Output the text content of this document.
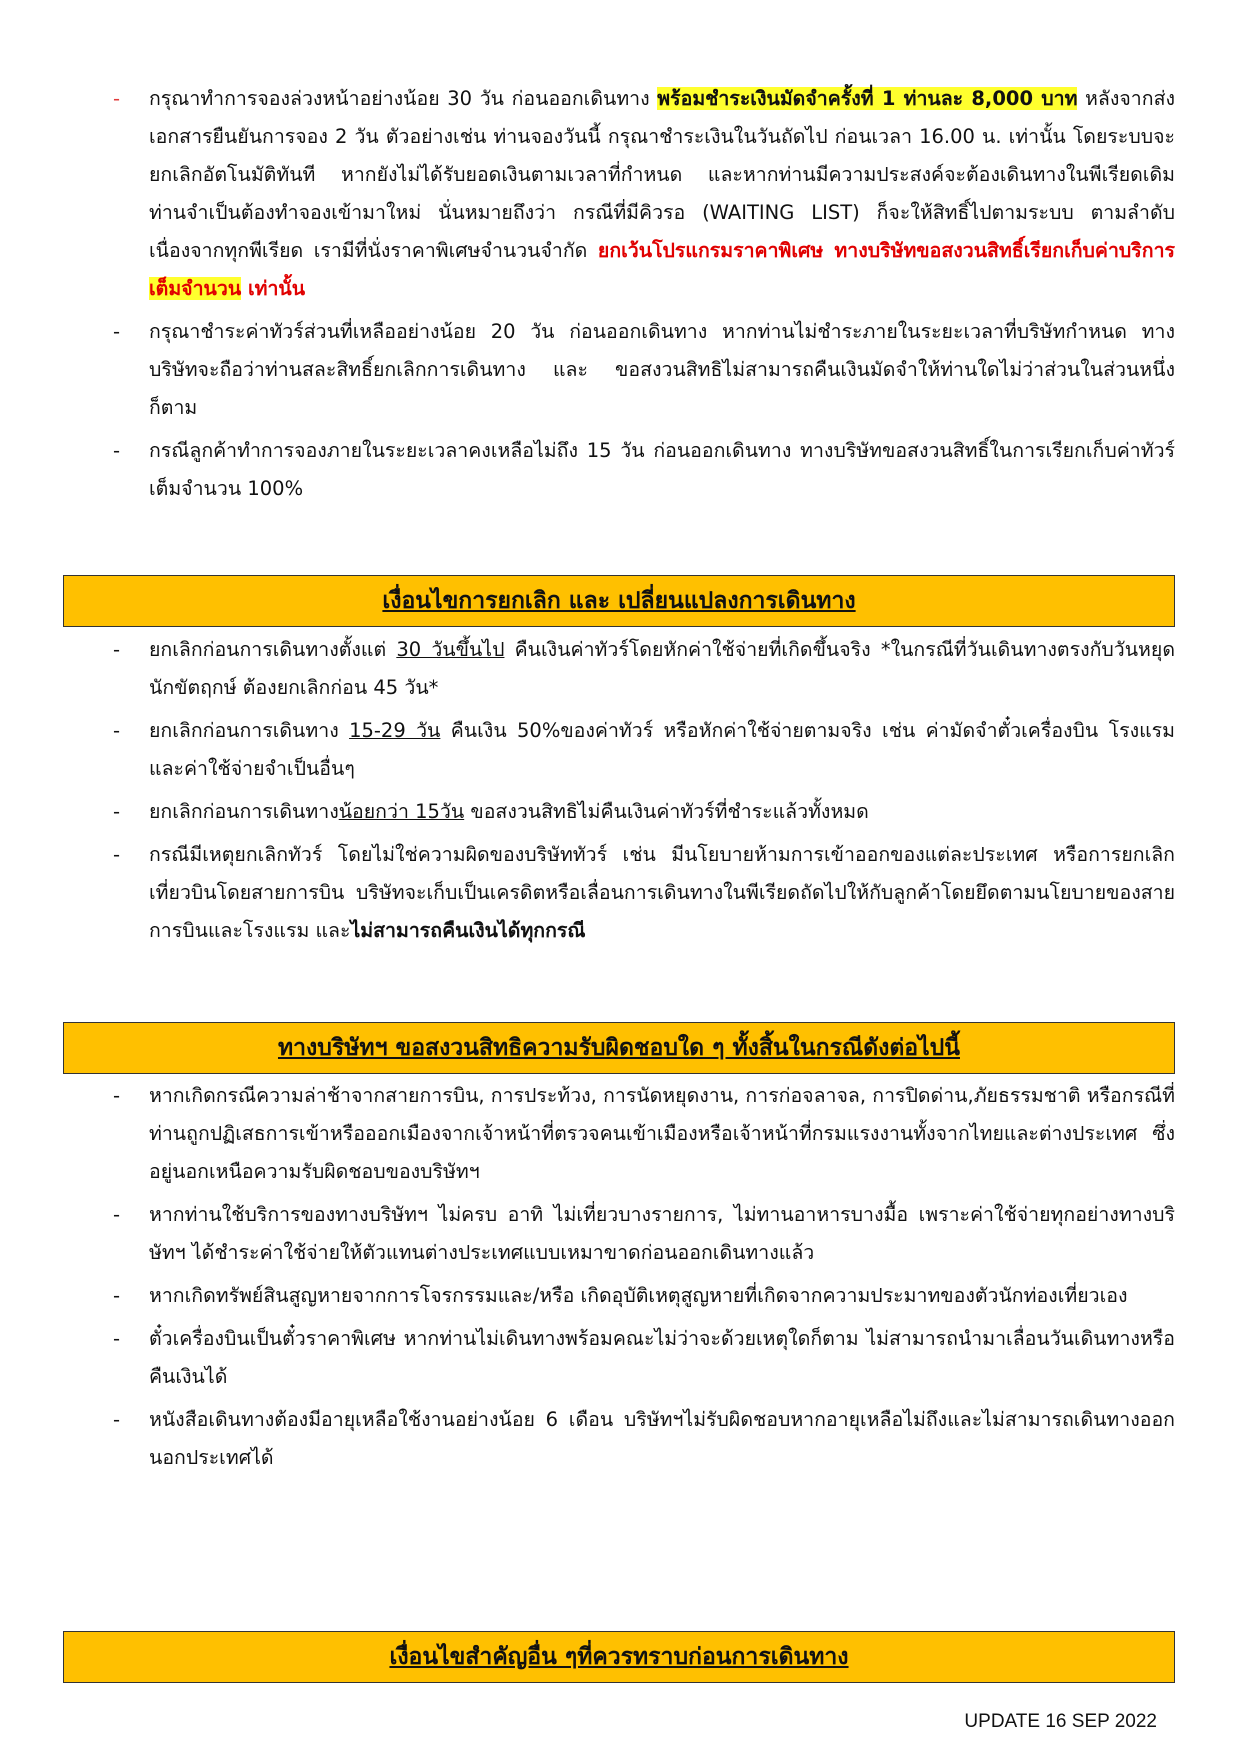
- กรุณาทำการจองล่วงหน้าอย่างน้อย 30 วัน ก่อนออกเดินทาง พร้อมชำระเงินมัดจำครั้งที่ 1 ท่านละ 8,000 บาท หลังจากส่งเอกสารยืนยันการจอง 2 วัน ตัวอย่างเช่น ท่านจองวันนี้ กรุณาชำระเงินในวันถัดไป ก่อนเวลา 16.00 น. เท่านั้น โดยระบบจะยกเลิกอัตโนมัติทันที หากยังไม่ได้รับยอดเงินตามเวลาที่กำหนด และหากท่านมีความประสงค์จะต้องเดินทางในพีเรียดเดิม ท่านจำเป็นต้องทำจองเข้ามาใหม่ นั่นหมายถึงว่า กรณีที่มีคิวรอ (WAITING LIST) ก็จะให้สิทธิ์ไปตามระบบ ตามลำดับ เนื่องจากทุกพีเรียด เรามีที่นั่งราคาพิเศษจำนวนจำกัด ยกเว้นโปรแกรมราคาพิเศษ ทางบริษัทขอสงวนสิทธิ์เรียกเก็บค่าบริการ เต็มจำนวน เท่านั้น
- กรุณาชำระค่าทัวร์ส่วนที่เหลืออย่างน้อย 20 วัน ก่อนออกเดินทาง หากท่านไม่ชำระภายในระยะเวลาที่บริษัทกำหนด ทางบริษัทจะถือว่าท่านสละสิทธิ์ยกเลิกการเดินทาง และ ขอสงวนสิทธิไม่สามารถคืนเงินมัดจำให้ท่านใดไม่ว่าส่วนในส่วนหนึ่งก็ตาม
- กรณีลูกค้าทำการจองภายในระยะเวลาคงเหลือไม่ถึง 15 วัน ก่อนออกเดินทาง ทางบริษัทขอสงวนสิทธิ์ในการเรียกเก็บค่าทัวร์เต็มจำนวน 100%
เงื่อนไขการยกเลิก และ เปลี่ยนแปลงการเดินทาง
- ยกเลิกก่อนการเดินทางตั้งแต่ 30 วันขึ้นไป คืนเงินค่าทัวร์โดยหักค่าใช้จ่ายที่เกิดขึ้นจริง *ในกรณีที่วันเดินทางตรงกับวันหยุดนักขัตฤกษ์ ต้องยกเลิกก่อน 45 วัน*
- ยกเลิกก่อนการเดินทาง 15-29 วัน คืนเงิน 50%ของค่าทัวร์ หรือหักค่าใช้จ่ายตามจริง เช่น ค่ามัดจำตั๋วเครื่องบิน โรงแรม และค่าใช้จ่ายจำเป็นอื่นๆ
- ยกเลิกก่อนการเดินทางน้อยกว่า 15วัน ขอสงวนสิทธิไม่คืนเงินค่าทัวร์ที่ชำระแล้วทั้งหมด
- กรณีมีเหตุยกเลิกทัวร์ โดยไม่ใช่ความผิดของบริษัททัวร์ เช่น มีนโยบายห้ามการเข้าออกของแต่ละประเทศ หรือการยกเลิกเที่ยวบินโดยสายการบิน บริษัทจะเก็บเป็นเครดิตหรือเลื่อนการเดินทางในพีเรียดถัดไปให้กับลูกค้าโดยยึดตามนโยบายของสายการบินและโรงแรม และไม่สามารถคืนเงินได้ทุกกรณี
ทางบริษัทฯ ขอสงวนสิทธิความรับผิดชอบใด ๆ ทั้งสิ้นในกรณีดังต่อไปนี้
- หากเกิดกรณีความล่าช้าจากสายการบิน, การประท้วง, การนัดหยุดงาน, การก่อจลาจล, การปิดด่าน,ภัยธรรมชาติ หรือกรณีที่ท่านถูกปฏิเสธการเข้าหรือออกเมืองจากเจ้าหน้าที่ตรวจคนเข้าเมืองหรือเจ้าหน้าที่กรมแรงงานทั้งจากไทยและต่างประเทศ ซึ่งอยู่นอกเหนือความรับผิดชอบของบริษัทฯ
- หากท่านใช้บริการของทางบริษัทฯ ไม่ครบ อาทิ ไม่เที่ยวบางรายการ, ไม่ทานอาหารบางมื้อ เพราะค่าใช้จ่ายทุกอย่างทางบริษัทฯ ได้ชำระค่าใช้จ่ายให้ตัวแทนต่างประเทศแบบเหมาขาดก่อนออกเดินทางแล้ว
- หากเกิดทรัพย์สินสูญหายจากการโจรกรรมและ/หรือ เกิดอุบัติเหตุสูญหายที่เกิดจากความประมาทของตัวนักท่องเที่ยวเอง
- ตั๋วเครื่องบินเป็นตั๋วราคาพิเศษ หากท่านไม่เดินทางพร้อมคณะไม่ว่าจะด้วยเหตุใดก็ตาม ไม่สามารถนำมาเลื่อนวันเดินทางหรือคืนเงินได้
- หนังสือเดินทางต้องมีอายุเหลือใช้งานอย่างน้อย 6 เดือน บริษัทฯไม่รับผิดชอบหากอายุเหลือไม่ถึงและไม่สามารถเดินทางออกนอกประเทศได้
เงื่อนไขสำคัญอื่น ๆที่ควรทราบก่อนการเดินทาง
UPDATE 16 SEP 2022
